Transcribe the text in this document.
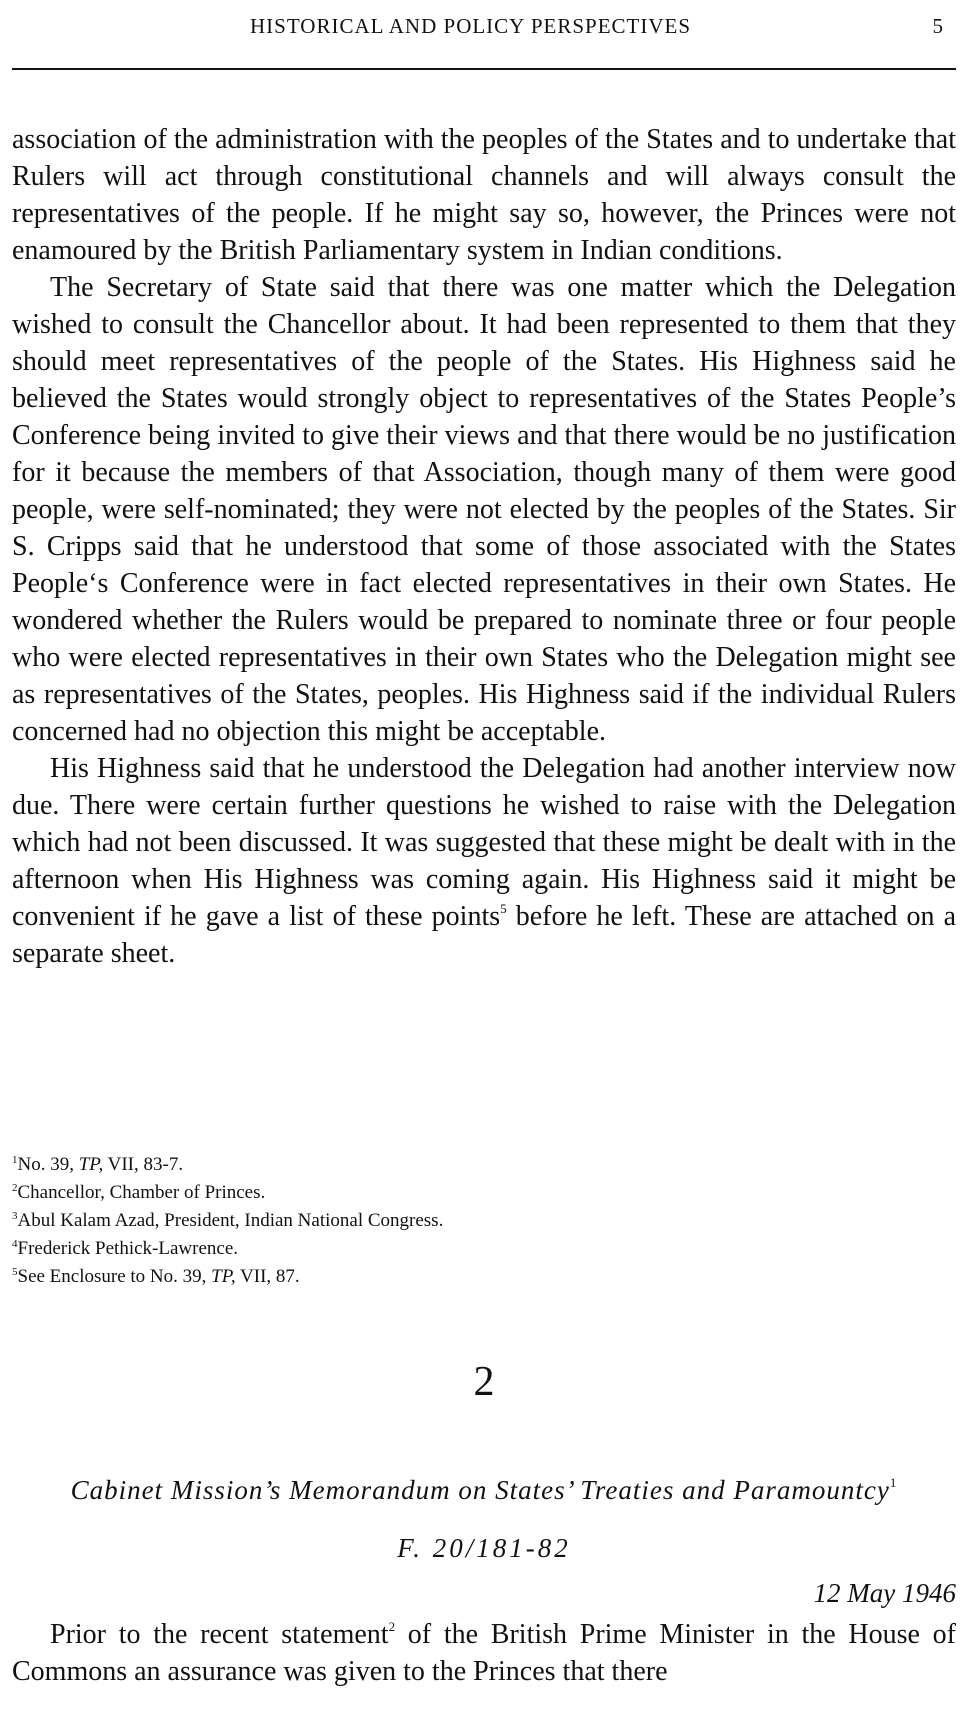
HISTORICAL AND POLICY PERSPECTIVES	5

association of the administration with the peoples of the States and to undertake that Rulers will act through constitutional channels and will always consult the representatives of the people. If he might say so, however, the Princes were not enamoured by the British Parliamentary system in Indian conditions.

The Secretary of State said that there was one matter which the Delegation wished to consult the Chancellor about. It had been represented to them that they should meet representatives of the people of the States. His Highness said he believed the States would strongly object to representatives of the States People’s Conference being invited to give their views and that there would be no justification for it because the members of that Association, though many of them were good people, were self-nominated; they were not elected by the peoples of the States. Sir S. Cripps said that he understood that some of those associated with the States People‘s Conference were in fact elected representatives in their own States. He wondered whether the Rulers would be prepared to nominate three or four people who were elected representatives in their own States who the Delegation might see as representatives of the States, peoples. His Highness said if the individual Rulers concerned had no objection this might be acceptable.

His Highness said that he understood the Delegation had another interview now due. There were certain further questions he wished to raise with the Delegation which had not been discussed. It was suggested that these might be dealt with in the afternoon when His Highness was coming again. His Highness said it might be convenient if he gave a list of these points$^5$ before he left. These are attached on a separate sheet.

$^1$No. 39, TP, VII, 83-7.
$^2$Chancellor, Chamber of Princes.
$^3$Abul Kalam Azad, President, Indian National Congress.
$^4$Frederick Pethick-Lawrence.
$^5$See Enclosure to No. 39, TP, VII, 87.
2
Cabinet Mission’s Memorandum on States’ Treaties and Paramountcy$^1$
F. 20/181-82
12 May 1946

Prior to the recent statement$^2$ of the British Prime Minister in the House of Commons an assurance was given to the Princes that there
